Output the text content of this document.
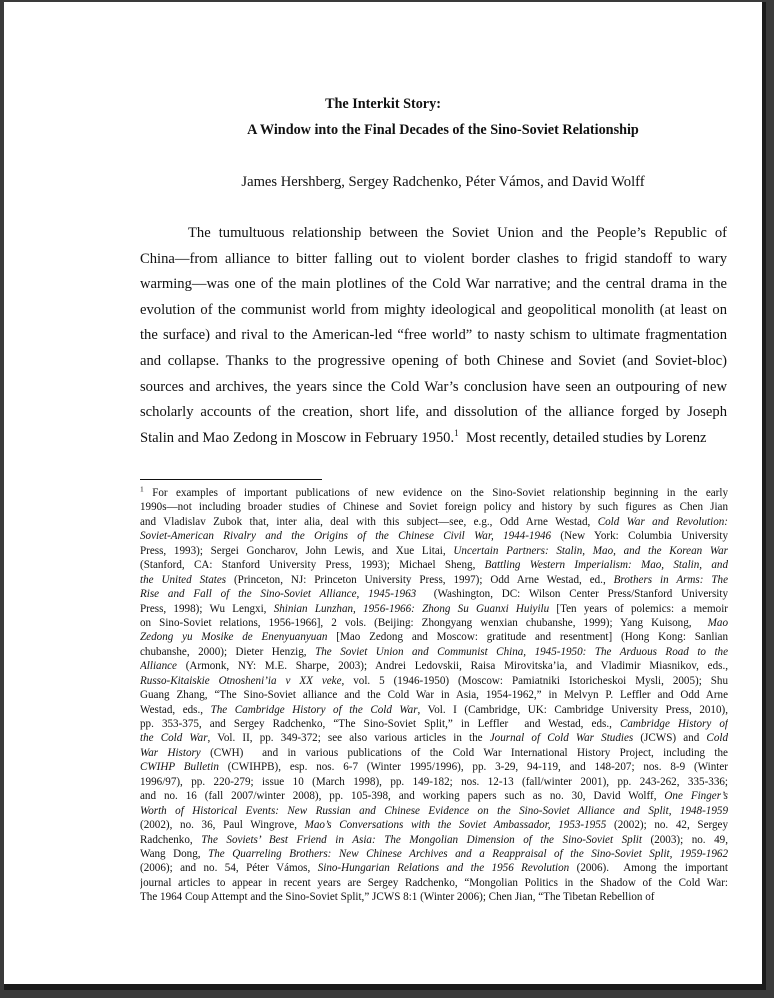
The Interkit Story:
A Window into the Final Decades of the Sino-Soviet Relationship
James Hershberg, Sergey Radchenko, Péter Vámos, and David Wolff
The tumultuous relationship between the Soviet Union and the People’s Republic of
China—from alliance to bitter falling out to violent border clashes to frigid standoff to wary
warming—was one of the main plotlines of the Cold War narrative; and the central drama in the
evolution of the communist world from mighty ideological and geopolitical monolith (at least on
the surface) and rival to the American-led “free world” to nasty schism to ultimate fragmentation
and collapse. Thanks to the progressive opening of both Chinese and Soviet (and Soviet-bloc)
sources and archives, the years since the Cold War’s conclusion have seen an outpouring of new
scholarly accounts of the creation, short life, and dissolution of the alliance forged by Joseph
Stalin and Mao Zedong in Moscow in February 1950.$^1$  Most recently, detailed studies by Lorenz
$^1$ For examples of important publications of new evidence on the Sino-Soviet relationship beginning in the early
1990s—not including broader studies of Chinese and Soviet foreign policy and history by such figures as Chen Jian
and Vladislav Zubok that, inter alia, deal with this subject—see, e.g., Odd Arne Westad, Cold War and Revolution:
Soviet-American Rivalry and the Origins of the Chinese Civil War, 1944-1946 (New York: Columbia University
Press, 1993); Sergei Goncharov, John Lewis, and Xue Litai, Uncertain Partners: Stalin, Mao, and the Korean War
(Stanford, CA: Stanford University Press, 1993); Michael Sheng, Battling Western Imperialism: Mao, Stalin, and
the United States (Princeton, NJ: Princeton University Press, 1997); Odd Arne Westad, ed., Brothers in Arms: The
Rise and Fall of the Sino-Soviet Alliance, 1945-1963  (Washington, DC: Wilson Center Press/Stanford University
Press, 1998); Wu Lengxi, Shinian Lunzhan, 1956-1966: Zhong Su Guanxi Huiyilu [Ten years of polemics: a memoir
on Sino-Soviet relations, 1956-1966], 2 vols. (Beijing: Zhongyang wenxian chubanshe, 1999); Yang Kuisong,  Mao
Zedong yu Mosike de Enenyuanyuan [Mao Zedong and Moscow: gratitude and resentment] (Hong Kong: Sanlian
chubanshe, 2000); Dieter Henzig, The Soviet Union and Communist China, 1945-1950: The Arduous Road to the
Alliance (Armonk, NY: M.E. Sharpe, 2003); Andrei Ledovskii, Raisa Mirovitska’ia, and Vladimir Miasnikov, eds.,
Russo-Kitaiskie Otnosheni’ia v XX veke, vol. 5 (1946-1950) (Moscow: Pamiatniki Istoricheskoi Mysli, 2005); Shu
Guang Zhang, “The Sino-Soviet alliance and the Cold War in Asia, 1954-1962,” in Melvyn P. Leffler and Odd Arne
Westad, eds., The Cambridge History of the Cold War, Vol. I (Cambridge, UK: Cambridge University Press, 2010),
pp. 353-375, and Sergey Radchenko, “The Sino-Soviet Split,” in Leffler  and Westad, eds., Cambridge History of
the Cold War, Vol. II, pp. 349-372; see also various articles in the Journal of Cold War Studies (JCWS) and Cold
War History (CWH)  and in various publications of the Cold War International History Project, including the
CWIHP Bulletin (CWIHPB), esp. nos. 6-7 (Winter 1995/1996), pp. 3-29, 94-119, and 148-207; nos. 8-9 (Winter
1996/97), pp. 220-279; issue 10 (March 1998), pp. 149-182; nos. 12-13 (fall/winter 2001), pp. 243-262, 335-336;
and no. 16 (fall 2007/winter 2008), pp. 105-398, and working papers such as no. 30, David Wolff, One Finger’s
Worth of Historical Events: New Russian and Chinese Evidence on the Sino-Soviet Alliance and Split, 1948-1959
(2002), no. 36, Paul Wingrove, Mao’s Conversations with the Soviet Ambassador, 1953-1955 (2002); no. 42, Sergey
Radchenko, The Soviets’ Best Friend in Asia: The Mongolian Dimension of the Sino-Soviet Split (2003); no. 49,
Wang Dong, The Quarreling Brothers: New Chinese Archives and a Reappraisal of the Sino-Soviet Split, 1959-1962
(2006); and no. 54, Péter Vámos, Sino-Hungarian Relations and the 1956 Revolution (2006).  Among the important
journal articles to appear in recent years are Sergey Radchenko, “Mongolian Politics in the Shadow of the Cold War:
The 1964 Coup Attempt and the Sino-Soviet Split,” JCWS 8:1 (Winter 2006); Chen Jian, “The Tibetan Rebellion of
